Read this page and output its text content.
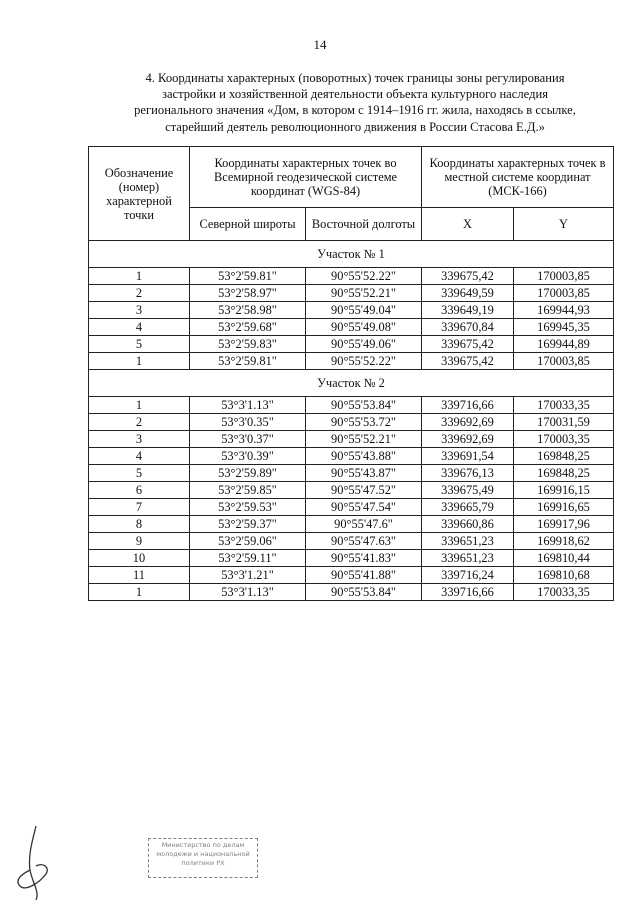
14
4. Координаты характерных (поворотных) точек границы зоны регулирования
застройки и хозяйственной деятельности объекта культурного наследия
регионального значения «Дом, в котором с 1914–1916 гг. жила, находясь в ссылке,
старейший деятель революционного движения в России Стасова Е.Д.»
Обозначение (номер) характерной точки	Координаты характерных точек во Всемирной геодезической системе координат (WGS-84)		Координаты характерных точек в местной системе координат (МСК-166)	
	Северной широты	Восточной долготы	X	Y
Участок № 1				
1	53°2'59.81"	90°55'52.22"	339675,42	170003,85
2	53°2'58.97"	90°55'52.21"	339649,59	170003,85
3	53°2'58.98"	90°55'49.04"	339649,19	169944,93
4	53°2'59.68"	90°55'49.08"	339670,84	169945,35
5	53°2'59.83"	90°55'49.06"	339675,42	169944,89
1	53°2'59.81"	90°55'52.22"	339675,42	170003,85
Участок № 2				
1	53°3'1.13"	90°55'53.84"	339716,66	170033,35
2	53°3'0.35"	90°55'53.72"	339692,69	170031,59
3	53°3'0.37"	90°55'52.21"	339692,69	170003,35
4	53°3'0.39"	90°55'43.88"	339691,54	169848,25
5	53°2'59.89"	90°55'43.87"	339676,13	169848,25
6	53°2'59.85"	90°55'47.52"	339675,49	169916,15
7	53°2'59.53"	90°55'47.54"	339665,79	169916,65
8	53°2'59.37"	90°55'47.6"	339660,86	169917,96
9	53°2'59.06"	90°55'47.63"	339651,23	169918,62
10	53°2'59.11"	90°55'41.83"	339651,23	169810,44
11	53°3'1.21"	90°55'41.88"	339716,24	169810,68
1	53°3'1.13"	90°55'53.84"	339716,66	170033,35
Министерство по делам
молодежи и национальной
политики РХ
